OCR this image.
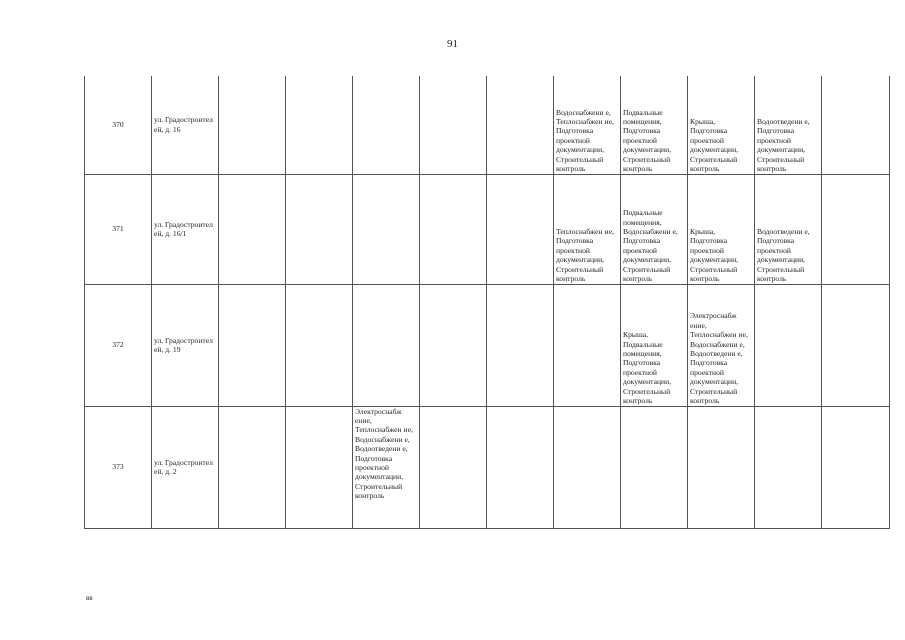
91
370	ул. Градостроител ей, д. 16						Водоснабжени е, Теплоснабжен ие, Подготовка проектной документации, Строительный контроль	Подвальные помещения, Подготовка проектной документации, Строительный контроль	Крыша, Подготовка проектной документации, Строительный контроль	Водоотведени е, Подготовка проектной документации, Строительный контроль	
371	ул. Градостроител ей, д. 16/1						Теплоснабжен ие, Подготовка проектной документации, Строительный контроль	Подвальные помещения, Водоснабжени е, Подготовка проектной документации, Строительный контроль	Крыша, Подготовка проектной документации, Строительный контроль	Водоотведени е, Подготовка проектной документации, Строительный контроль	
372	ул. Градостроител ей, д. 19							Крыша, Подвальные помещения, Подготовка проектной документации, Строительный контроль	Электроснабж ение, Теплоснабжен ие, Водоснабжени е, Водоотведени е, Подготовка проектной документации, Строительный контроль		
373	ул. Градостроител ей, д. 2			Электроснабж ение, Теплоснабжен ие, Водоснабжени е, Водоотведени е, Подготовка проектной документации, Строительный контроль							
вв
